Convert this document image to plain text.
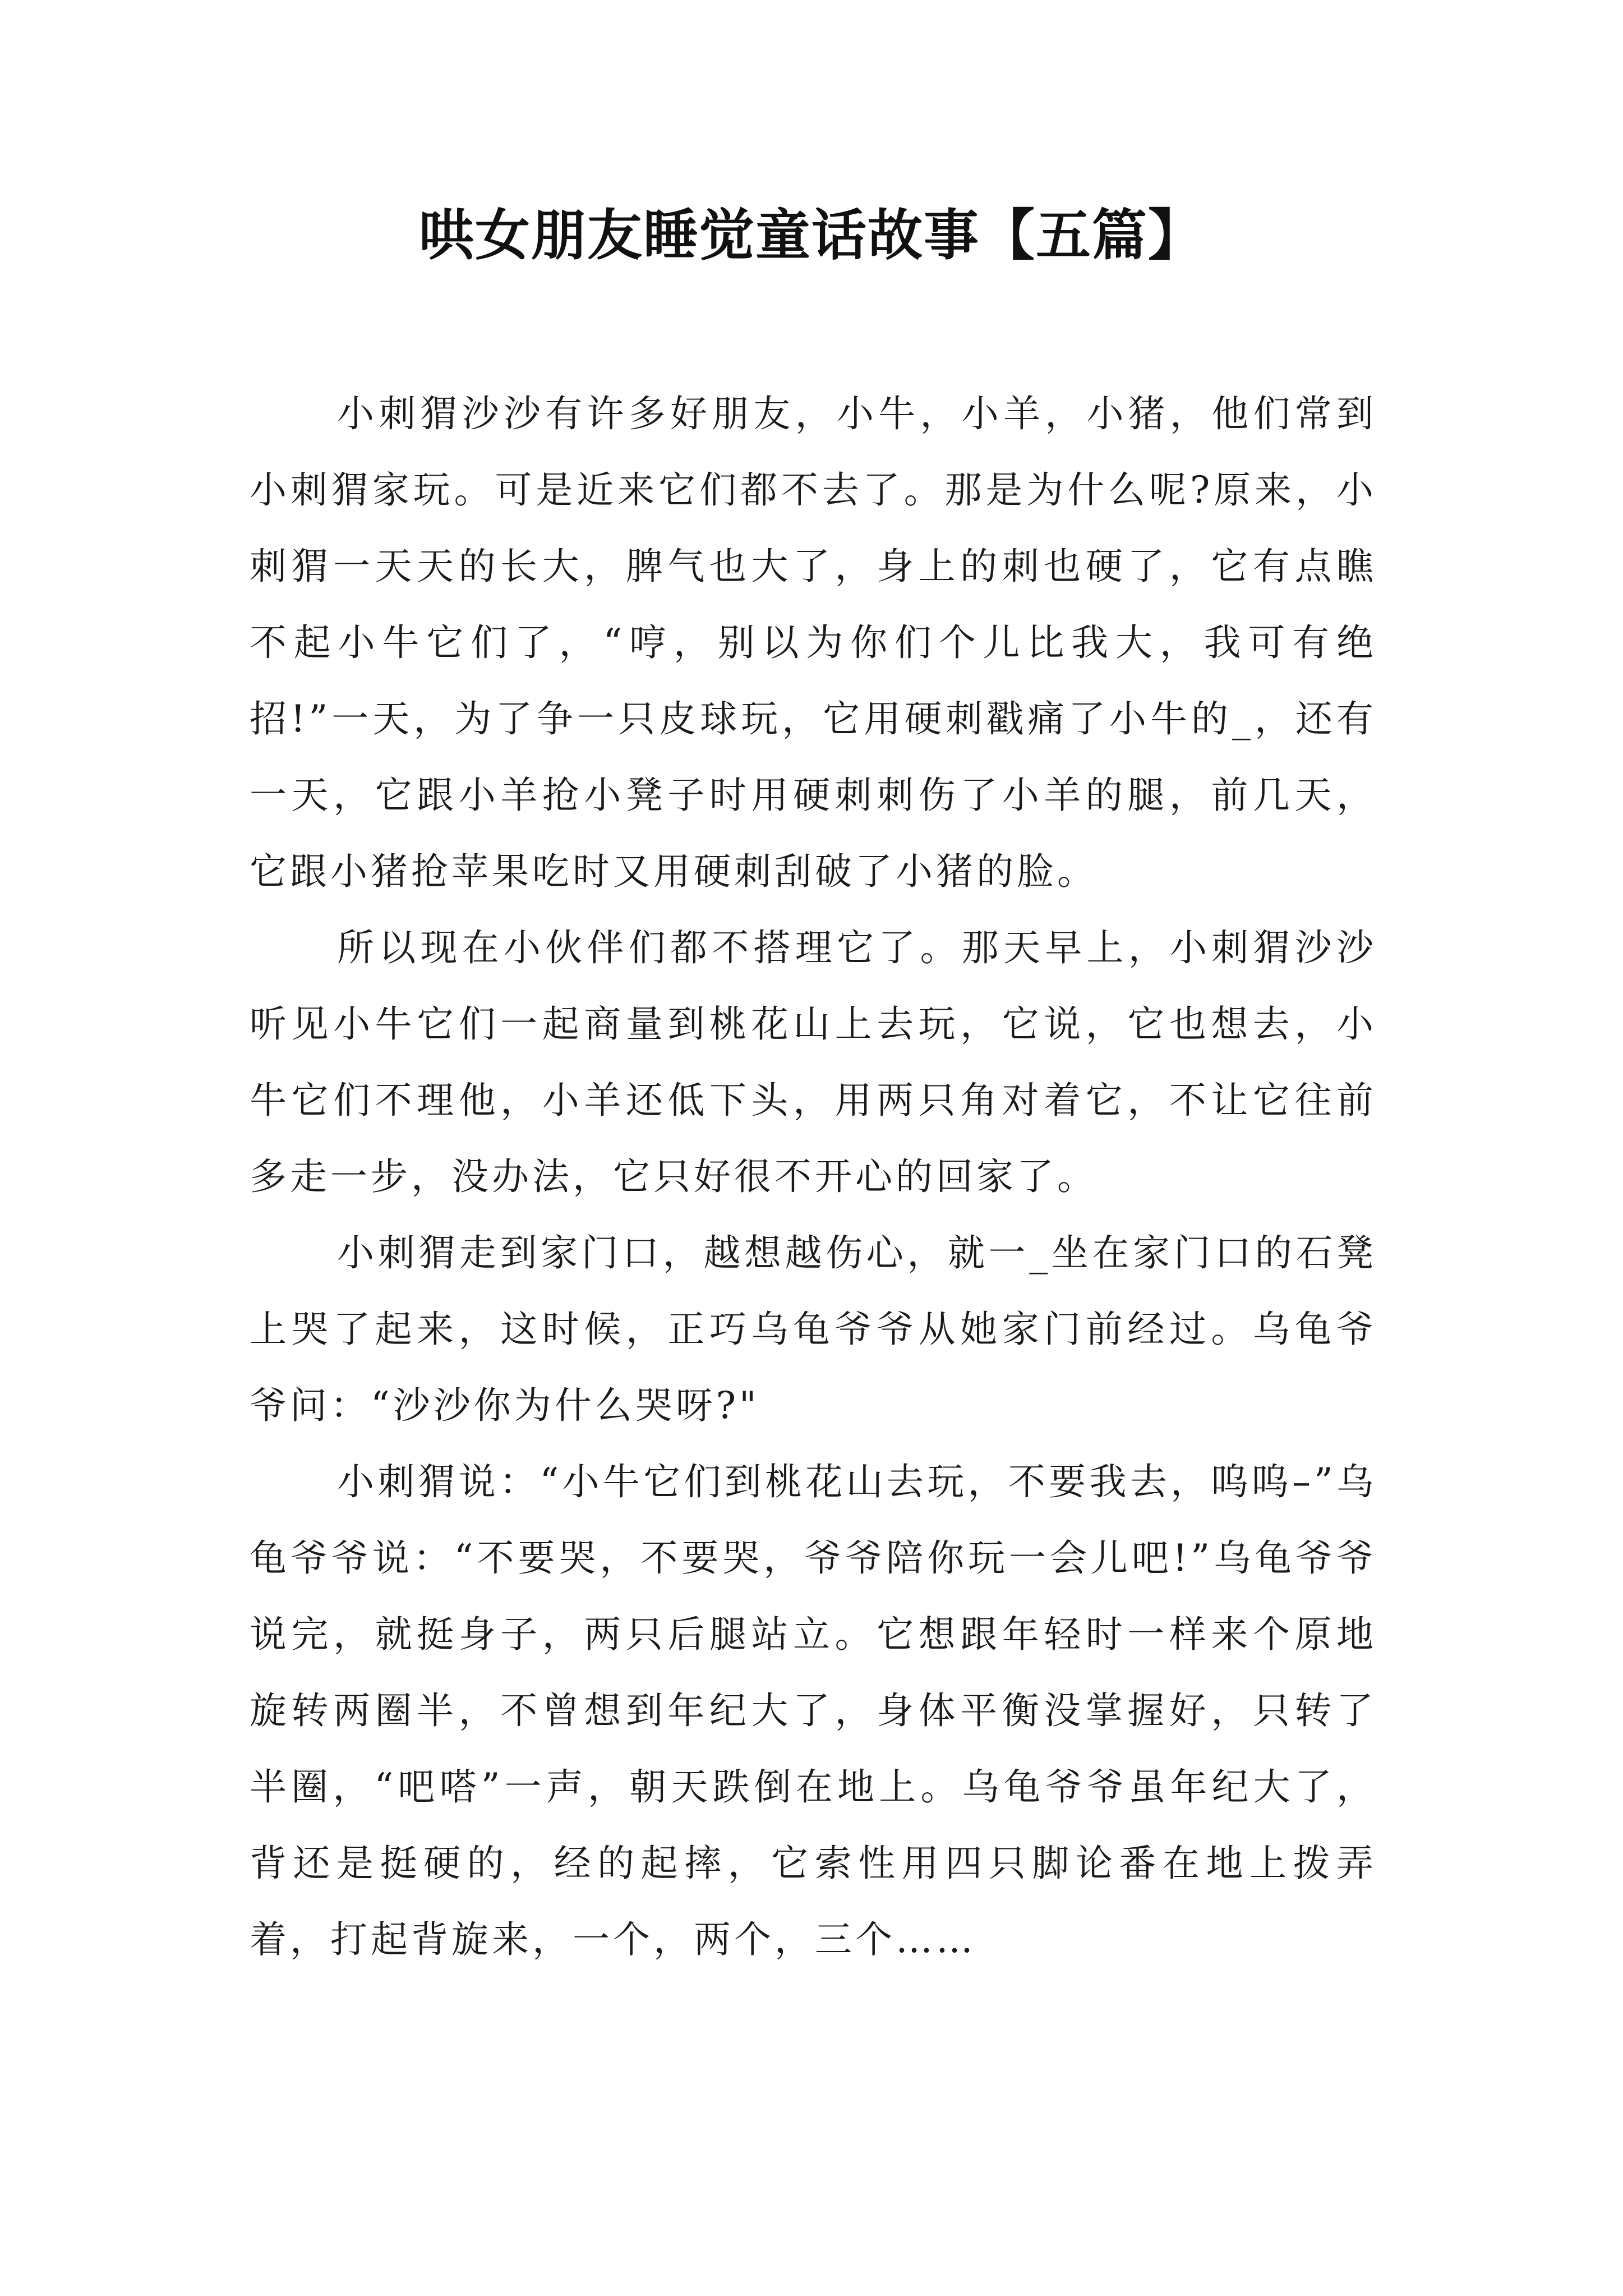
哄女朋友睡觉童话故事【五篇】

小刺猬沙沙有许多好朋友，小牛，小羊，小猪，他们常到小刺猬家玩。可是近来它们都不去了。那是为什么呢?原来，小刺猬一天天的长大，脾气也大了，身上的刺也硬了，它有点瞧不起小牛它们了，“哼，别以为你们个儿比我大，我可有绝招!”一天，为了争一只皮球玩，它用硬刺戳痛了小牛的_，还有一天，它跟小羊抢小凳子时用硬刺刺伤了小羊的腿，前几天，它跟小猪抢苹果吃时又用硬刺刮破了小猪的脸。

所以现在小伙伴们都不搭理它了。那天早上，小刺猬沙沙听见小牛它们一起商量到桃花山上去玩，它说，它也想去，小牛它们不理他，小羊还低下头，用两只角对着它，不让它往前多走一步，没办法，它只好很不开心的回家了。

小刺猬走到家门口，越想越伤心，就一_坐在家门口的石凳上哭了起来，这时候，正巧乌龟爷爷从她家门前经过。乌龟爷爷问：“沙沙你为什么哭呀?"

小刺猬说：“小牛它们到桃花山去玩，不要我去，呜呜–”乌龟爷爷说：“不要哭，不要哭，爷爷陪你玩一会儿吧!”乌龟爷爷说完，就挺身子，两只后腿站立。它想跟年轻时一样来个原地旋转两圈半，不曾想到年纪大了，身体平衡没掌握好，只转了半圈，“吧嗒”一声，朝天跌倒在地上。乌龟爷爷虽年纪大了，背还是挺硬的，经的起摔，它索性用四只脚论番在地上拨弄着，打起背旋来，一个，两个，三个……
